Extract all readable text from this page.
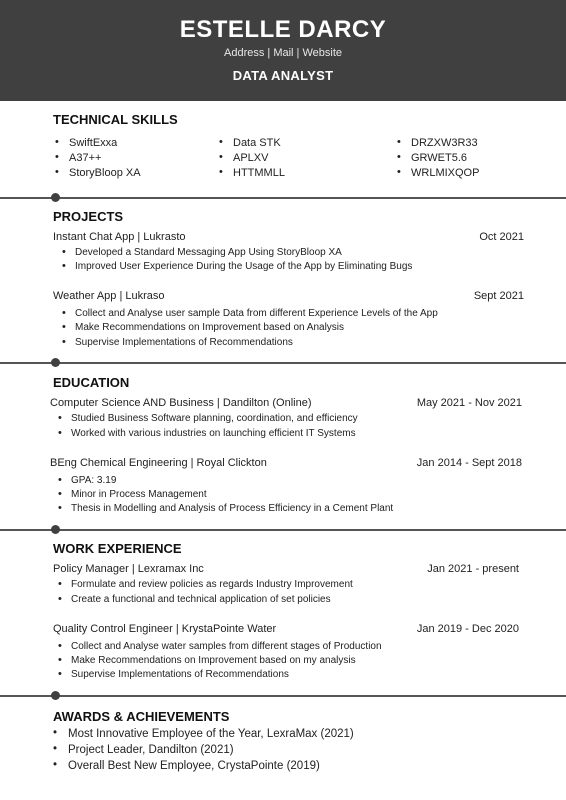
ESTELLE DARCY
Address | Mail | Website
DATA ANALYST
TECHNICAL SKILLS
• SwiftExxa
• A37++
• StoryBloop XA
• Data STK
• APLXV
• HTTMMLL
• DRZXW3R33
• GRWET5.6
• WRLMIXQOP
PROJECTS
Instant Chat App | Lukrasto	Oct 2021
• Developed a Standard Messaging App Using StoryBloop XA
• Improved User Experience During the Usage of the App by Eliminating Bugs
Weather App | Lukraso	Sept 2021
• Collect and Analyse user sample Data from different Experience Levels of the App
• Make Recommendations on Improvement based on Analysis
• Supervise Implementations of Recommendations
EDUCATION
Computer Science AND Business | Dandilton (Online)	May 2021 - Nov 2021
• Studied Business Software planning, coordination, and efficiency
• Worked with various industries on launching efficient IT Systems
BEng Chemical Engineering | Royal Clickton	Jan 2014 - Sept 2018
• GPA: 3.19
• Minor in Process Management
• Thesis in Modelling and Analysis of Process Efficiency in a Cement Plant
WORK EXPERIENCE
Policy Manager | Lexramax Inc	Jan 2021 - present
• Formulate and review policies as regards Industry Improvement
• Create a functional and technical application of set policies
Quality Control Engineer | KrystaPointe Water	Jan 2019 - Dec 2020
• Collect and Analyse water samples from different stages of Production
• Make Recommendations on Improvement based on my analysis
• Supervise Implementations of Recommendations
AWARDS & ACHIEVEMENTS
• Most Innovative Employee of the Year, LexraMax (2021)
• Project Leader, Dandilton (2021)
• Overall Best New Employee, CrystaPointe (2019)
